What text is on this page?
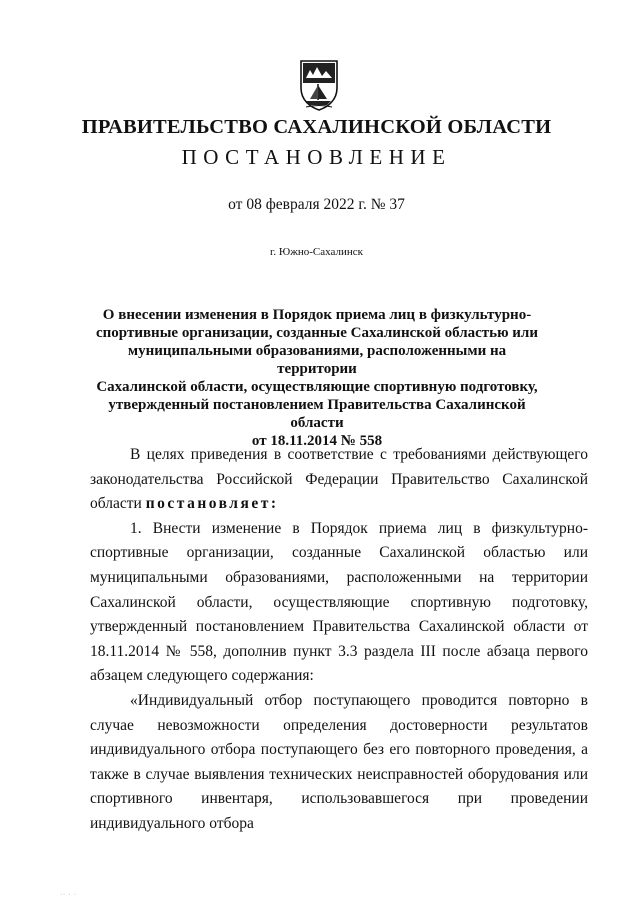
ПРАВИТЕЛЬСТВО САХАЛИНСКОЙ ОБЛАСТИ
ПОСТАНОВЛЕНИЕ
от 08 февраля 2022 г. № 37
г. Южно-Сахалинск
О внесении изменения в Порядок приема лиц в физкультурно-
спортивные организации, созданные Сахалинской областью или
муниципальными образованиями, расположенными на территории
Сахалинской области, осуществляющие спортивную подготовку,
утвержденный постановлением Правительства Сахалинской области
от 18.11.2014 № 558

В целях приведения в соответствие с требованиями действующего законодательства Российской Федерации Правительство Сахалинской области постановляет:

1. Внести изменение в Порядок приема лиц в физкультурно-спортивные организации, созданные Сахалинской областью или муниципальными образованиями, расположенными на территории Сахалинской области, осуществляющие спортивную подготовку, утвержденный постановлением Правительства Сахалинской области от 18.11.2014 № 558, дополнив пункт 3.3 раздела III после абзаца первого абзацем следующего содержания:

«Индивидуальный отбор поступающего проводится повторно в случае невозможности определения достоверности результатов индивидуального отбора поступающего без его повторного проведения, а также в случае выявления технических неисправностей оборудования или спортивного инвентаря, использовавшегося при проведении индивидуального отбора

·· · ·
